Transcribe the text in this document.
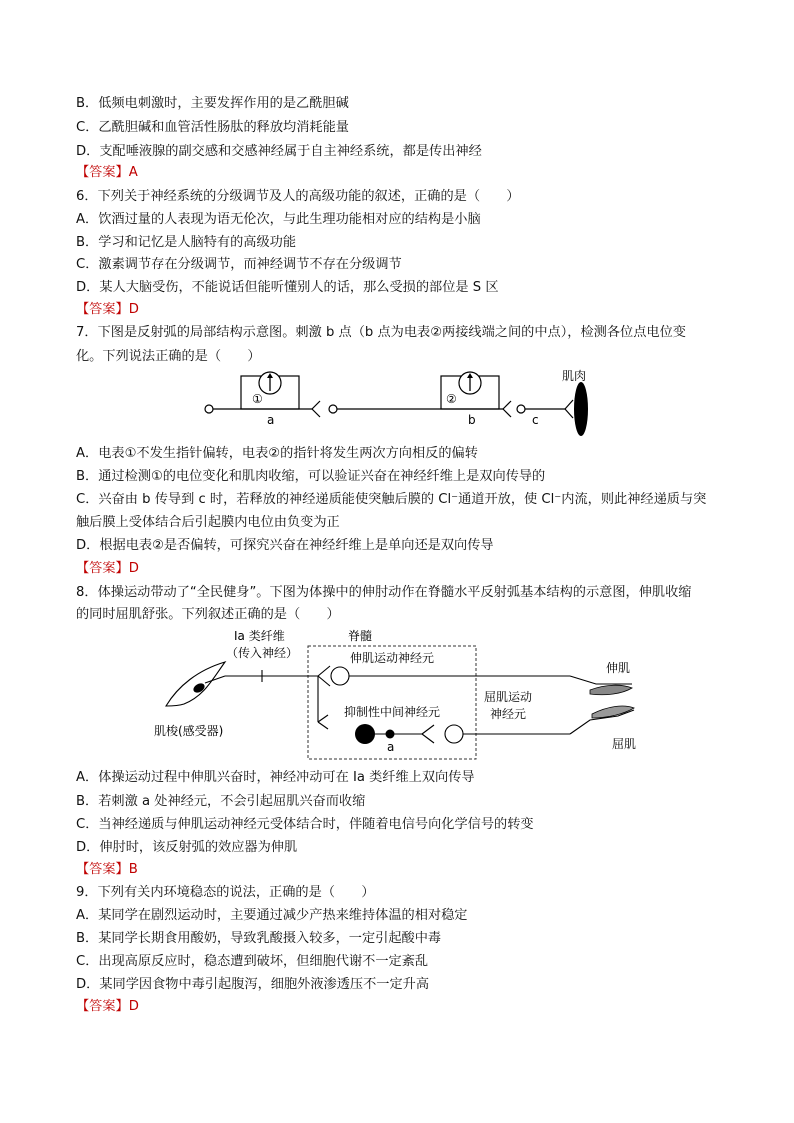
B．低频电刺激时，主要发挥作用的是乙酰胆碱
C．乙酰胆碱和血管活性肠肽的释放均消耗能量
D．支配唾液腺的副交感和交感神经属于自主神经系统，都是传出神经
【答案】A
6．下列关于神经系统的分级调节及人的高级功能的叙述，正确的是（　　）
A．饮酒过量的人表现为语无伦次，与此生理功能相对应的结构是小脑
B．学习和记忆是人脑特有的高级功能
C．激素调节存在分级调节，而神经调节不存在分级调节
D．某人大脑受伤，不能说话但能听懂别人的话，那么受损的部位是 S 区
【答案】D
7．下图是反射弧的局部结构示意图。刺激 b 点（b 点为电表②两接线端之间的中点），检测各位点电位变
化。下列说法正确的是（　　）
①
a
②
b	c
肌肉
A．电表①不发生指针偏转，电表②的指针将发生两次方向相反的偏转
B．通过检测①的电位变化和肌肉收缩，可以验证兴奋在神经纤维上是双向传导的
C．兴奋由 b 传导到 c 时，若释放的神经递质能使突触后膜的 Cl⁻通道开放，使 Cl⁻内流，则此神经递质与突
触后膜上受体结合后引起膜内电位由负变为正
D．根据电表②是否偏转，可探究兴奋在神经纤维上是单向还是双向传导
【答案】D
8．体操运动带动了“全民健身”。下图为体操中的伸肘动作在脊髓水平反射弧基本结构的示意图，伸肌收缩
的同时屈肌舒张。下列叙述正确的是（　　）
Ia 类纤维
（传入神经）
脊髓
肌梭(感受器)
伸肌运动神经元
抑制性中间神经元
a
屈肌运动
神经元
伸肌
屈肌
A．体操运动过程中伸肌兴奋时，神经冲动可在 Ia 类纤维上双向传导
B．若刺激 a 处神经元，不会引起屈肌兴奋而收缩
C．当神经递质与伸肌运动神经元受体结合时，伴随着电信号向化学信号的转变
D．伸肘时，该反射弧的效应器为伸肌
【答案】B
9．下列有关内环境稳态的说法，正确的是（　　）
A．某同学在剧烈运动时，主要通过减少产热来维持体温的相对稳定
B．某同学长期食用酸奶，导致乳酸摄入较多，一定引起酸中毒
C．出现高原反应时，稳态遭到破坏，但细胞代谢不一定紊乱
D．某同学因食物中毒引起腹泻，细胞外液渗透压不一定升高
【答案】D
